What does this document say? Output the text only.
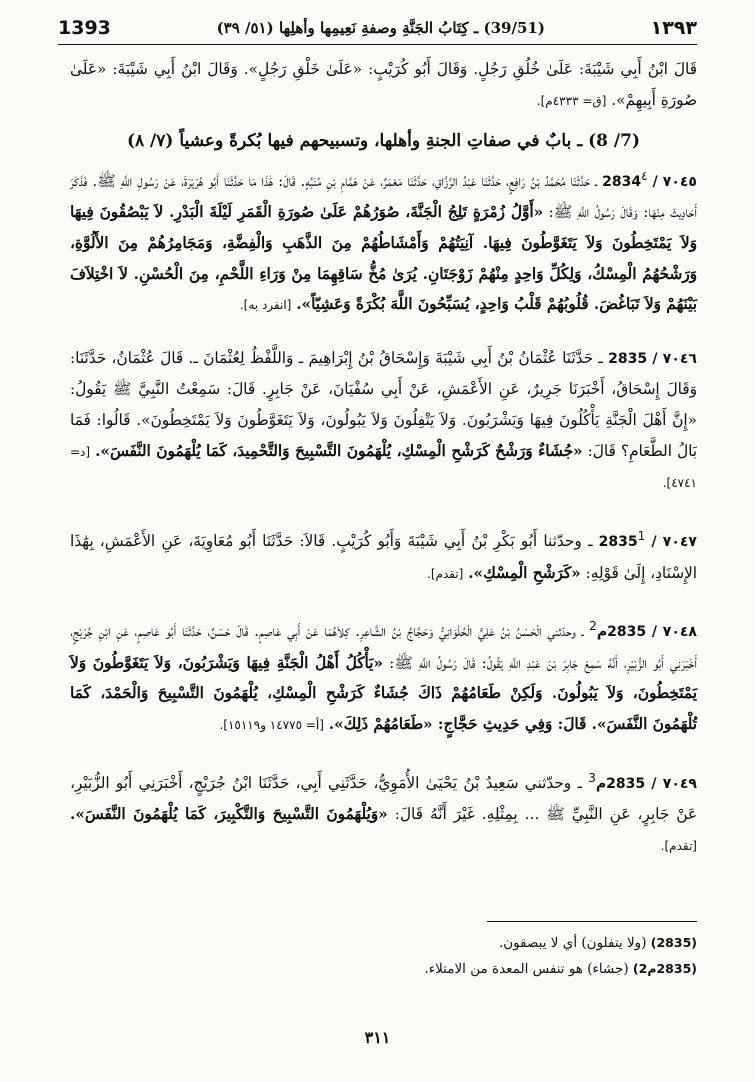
1393	(39/51) ـ كِتَابُ الجَنَّةِ وصفةِ نَعِيمِها وأهلِها (٥١/ ٣٩)	١٣٩٣

قَالَ ابْنُ أَبِي شَيْبَةَ: عَلَىٰ خُلُقِ رَجُلٍ. وَقَالَ أَبُو كُرَيْبٍ: «عَلَىٰ خَلْقِ رَجُلٍ». وَقَالَ ابْنُ أَبِي شَيْبَةَ: «عَلَىٰ صُورَةِ أَبِيهِمْ». [ق= ٤٣٣٣م].

(7/ 8) ـ بابٌ في صفاتِ الجنةِ وأهلها، وتسبيحهم فيها بُكرةً وعشياً (٧/ ٨)

٧٠٤٥ / 2834$^٤$ ـ حَدَّثَنَا مُحَمَّدُ بْنُ رَافِعٍ، حَدَّثَنَا عَبْدُ الرَّزَّاقِ، حَدَّثَنَا مَعْمَرٌ، عَنْ هَمَّامِ بْنِ مُنَبِّهٍ. قَالَ: هَٰذَا مَا حَدَّثَنَا أَبُو هُرَيْرَةَ، عَنْ رَسُولِ اللَّهِ ﷺ. فَذَكَرَ أَحَادِيثَ مِنْهَا: وَقَالَ رَسُولُ اللَّهِ ﷺ: «أَوَّلُ زُمْرَةٍ تَلِجُ الْجَنَّةَ، صُوَرُهُمْ عَلَىٰ صُورَةِ الْقَمَرِ لَيْلَةَ الْبَدْرِ. لاَ يَبْصُقُونَ فِيهَا وَلاَ يَمْتَخِطُونَ وَلاَ يَتَغَوَّطُونَ فِيهَا. آنِيَتُهُمْ وَأَمْشَاطُهُمْ مِنَ الذَّهَبِ وَالْفِضَّةِ، وَمَجَامِرُهُمْ مِنَ الأَلُوَّةِ، وَرَشْحُهُمُ الْمِسْكُ، وَلِكُلِّ وَاحِدٍ مِنْهُمْ زَوْجَتَانِ. يُرَىٰ مُخُّ سَاقِهِمَا مِنْ وَرَاءِ اللَّحْمِ، مِنَ الْحُسْنِ. لاَ اخْتِلاَفَ بَيْنَهُمْ وَلاَ تَبَاغُضَ. قُلُوبُهُمْ قَلْبُ وَاحِدٍ، يُسَبِّحُونَ اللَّهَ بُكْرَةً وَعَشِيّاً». [انفرد به].

٧٠٤٦ / 2835 ـ حَدَّثَنَا عُثْمَانُ بْنُ أَبِي شَيْبَةَ وَإِسْحَاقُ بْنُ إِبْرَاهِيمَ ـ وَاللَّفْظُ لِعُثْمَانَ ـ. قَالَ عُثْمَانُ، حَدَّثَنَا: وَقَالَ إِسْحَاقُ، أَخْبَرَنَا جَرِيرٌ، عَنِ الأَعْمَشِ، عَنْ أَبِي سُفْيَانَ، عَنْ جَابِرٍ. قَالَ: سَمِعْتُ النَّبِيَّ ﷺ يَقُولُ: «إِنَّ أَهْلَ الْجَنَّةِ يَأْكُلُونَ فِيهَا وَيَشْرَبُونَ. وَلاَ يَتْفِلُونَ وَلاَ يَبُولُونَ، وَلاَ يَتَغَوَّطُونَ وَلاَ يَمْتَخِطُونَ». قَالُوا: فَمَا بَالُ الطَّعَامِ؟ قَالَ: «جُشَاءٌ وَرَشْحٌ كَرَشْحِ الْمِسْكِ، يُلْهَمُونَ التَّسْبِيحَ وَالتَّحْمِيدَ، كَمَا يُلْهَمُونَ النَّفَسَ». [د= ٤٧٤١].

٧٠٤٧ / 2835$^1$ ـ وحدّثنا أَبُو بَكْرِ بْنُ أَبِي شَيْبَةَ وَأَبُو كُرَيْبٍ. قَالاَ: حَدَّثَنَا أَبُو مُعَاوِيَةَ، عَنِ الأَعْمَشِ، بِهَٰذَا الإِسْنَادِ، إِلَىٰ قَوْلِهِ: «كَرَشْحِ الْمِسْكِ». [تقدم].

٧٠٤٨ / 2835م$^2$ ـ وحدّثني الْحَسَنُ بْنُ عَلِيٍّ الْحُلْوَانِيُّ وَحَجَّاجُ بْنُ الشَّاعِرِ. كِلاَهُمَا عَنْ أَبِي عَاصِمٍ. قَالَ حَسَنٌ، حَدَّثَنَا أَبُو عَاصِمٍ، عَنِ ابْنِ جُرَيْجٍ، أَخْبَرَنِي أَبُو الزُّبَيْرِ، أَنَّهُ سَمِعَ جَابِرَ بْنَ عَبْدِ اللَّهِ يَقُولُ: قَالَ رَسُولُ اللَّهِ ﷺ: «يَأْكُلُ أَهْلُ الْجَنَّةِ فِيهَا وَيَشْرَبُونَ، وَلاَ يَتَغَوَّطُونَ وَلاَ يَمْتَخِطُونَ، وَلاَ يَبُولُونَ. وَلَكِنْ طَعَامُهُمْ ذَاكَ جُشَاءٌ كَرَشْحِ الْمِسْكِ، يُلْهَمُونَ التَّسْبِيحَ وَالْحَمْدَ، كَمَا تُلْهَمُونَ النَّفَسَ». قَالَ: وَفِي حَدِيثِ حَجَّاجٍ: «طَعَامُهُمْ ذَلِكَ». [أ= ١٤٧٧٥ و١٥١١٩].

٧٠٤٩ / 2835م$^3$ ـ وحدّثني سَعِيدُ بْنُ يَحْيَىٰ الأُمَوِيُّ، حَدَّثَنِي أَبِي، حَدَّثَنَا ابْنُ جُرَيْجٍ، أَخْبَرَنِي أَبُو الزُّبَيْرِ، عَنْ جَابِرٍ، عَنِ النَّبِيِّ ﷺ ... بِمِثْلِهِ. غَيْرَ أَنَّهُ قَالَ: «وَيُلْهَمُونَ التَّسْبِيحَ وَالتَّكْبِيرَ، كَمَا يُلْهَمُونَ النَّفَسَ». [تقدم].

(2835) (ولا يتفلون) أي لا يبصقون.
(2835م2) (جشاء) هو تنفس المعدة من الامتلاء.
٣١١
